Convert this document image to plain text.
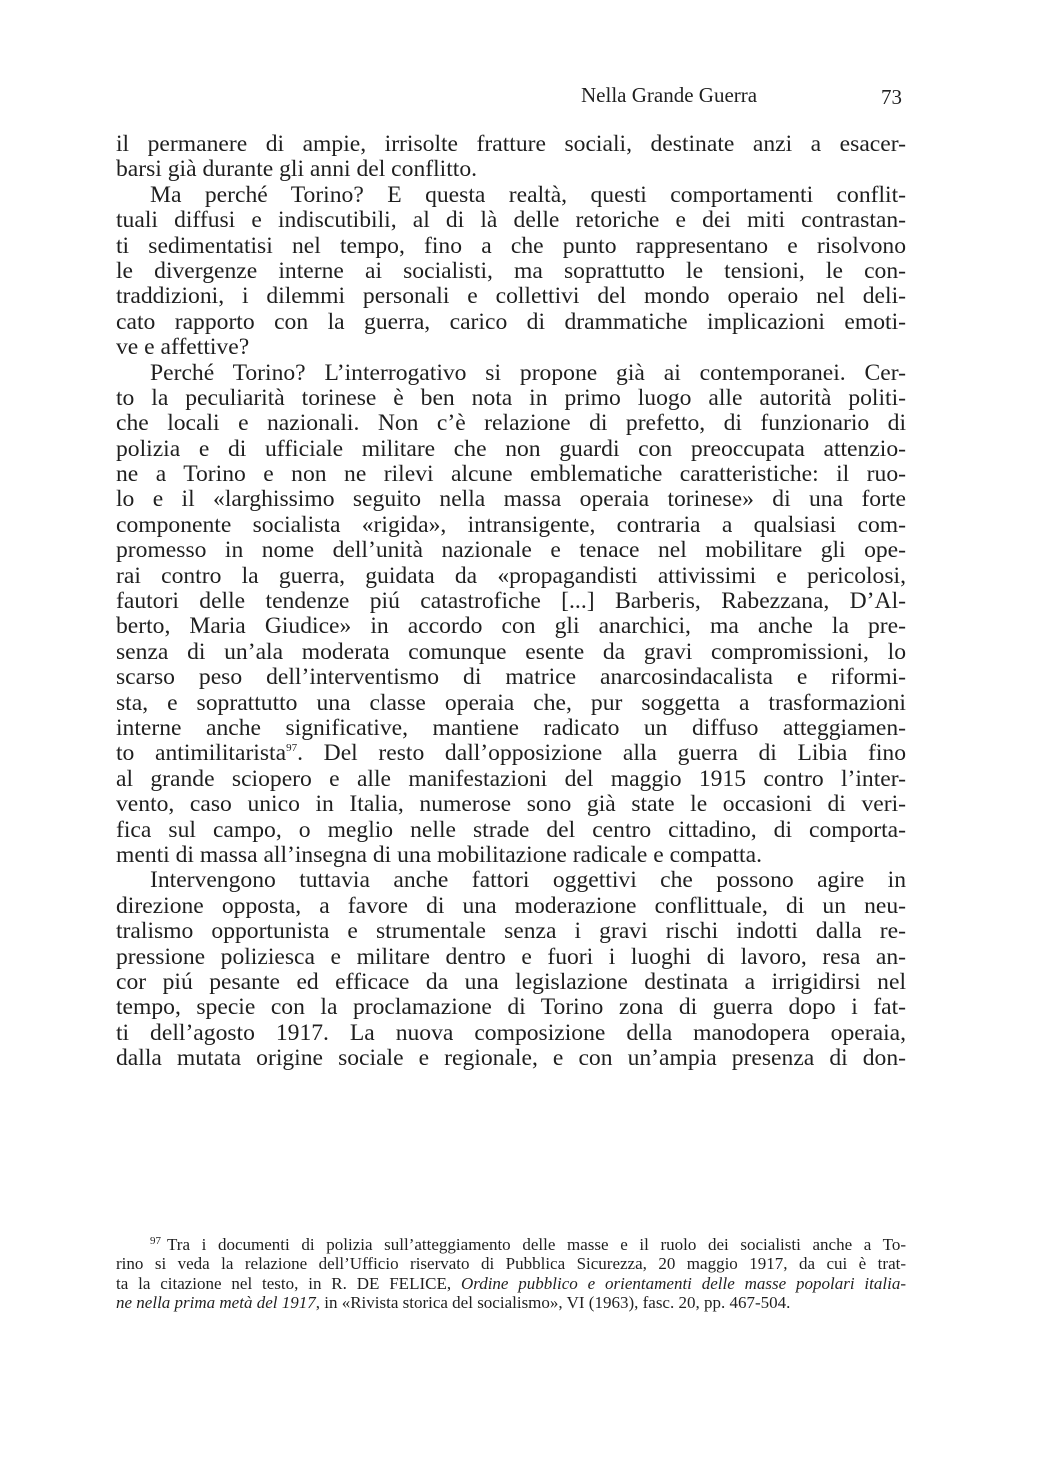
Nella Grande Guerra	73
il permanere di ampie, irrisolte fratture sociali, destinate anzi a esacer-
barsi già durante gli anni del conflitto.
Ma perché Torino? E questa realtà, questi comportamenti conflit-
tuali diffusi e indiscutibili, al di là delle retoriche e dei miti contrastan-
ti sedimentatisi nel tempo, fino a che punto rappresentano e risolvono
le divergenze interne ai socialisti, ma soprattutto le tensioni, le con-
traddizioni, i dilemmi personali e collettivi del mondo operaio nel deli-
cato rapporto con la guerra, carico di drammatiche implicazioni emoti-
ve e affettive?
Perché Torino? L’interrogativo si propone già ai contemporanei. Cer-
to la peculiarità torinese è ben nota in primo luogo alle autorità politi-
che locali e nazionali. Non c’è relazione di prefetto, di funzionario di
polizia e di ufficiale militare che non guardi con preoccupata attenzio-
ne a Torino e non ne rilevi alcune emblematiche caratteristiche: il ruo-
lo e il «larghissimo seguito nella massa operaia torinese» di una forte
componente socialista «rigida», intransigente, contraria a qualsiasi com-
promesso in nome dell’unità nazionale e tenace nel mobilitare gli ope-
rai contro la guerra, guidata da «propagandisti attivissimi e pericolosi,
fautori delle tendenze piú catastrofiche [...] Barberis, Rabezzana, D’Al-
berto, Maria Giudice» in accordo con gli anarchici, ma anche la pre-
senza di un’ala moderata comunque esente da gravi compromissioni, lo
scarso peso dell’interventismo di matrice anarcosindacalista e riformi-
sta, e soprattutto una classe operaia che, pur soggetta a trasformazioni
interne anche significative, mantiene radicato un diffuso atteggiamen-
to antimilitarista$^{97}$. Del resto dall’opposizione alla guerra di Libia fino
al grande sciopero e alle manifestazioni del maggio 1915 contro l’inter-
vento, caso unico in Italia, numerose sono già state le occasioni di veri-
fica sul campo, o meglio nelle strade del centro cittadino, di comporta-
menti di massa all’insegna di una mobilitazione radicale e compatta.
Intervengono tuttavia anche fattori oggettivi che possono agire in
direzione opposta, a favore di una moderazione conflittuale, di un neu-
tralismo opportunista e strumentale senza i gravi rischi indotti dalla re-
pressione poliziesca e militare dentro e fuori i luoghi di lavoro, resa an-
cor piú pesante ed efficace da una legislazione destinata a irrigidirsi nel
tempo, specie con la proclamazione di Torino zona di guerra dopo i fat-
ti dell’agosto 1917. La nuova composizione della manodopera operaia,
dalla mutata origine sociale e regionale, e con un’ampia presenza di don-
$^{97}$ Tra i documenti di polizia sull’atteggiamento delle masse e il ruolo dei socialisti anche a To-
rino si veda la relazione dell’Ufficio riservato di Pubblica Sicurezza, 20 maggio 1917, da cui è trat-
ta la citazione nel testo, in R. DE FELICE, Ordine pubblico e orientamenti delle masse popolari italia-
ne nella prima metà del 1917, in «Rivista storica del socialismo», VI (1963), fasc. 20, pp. 467-504.
